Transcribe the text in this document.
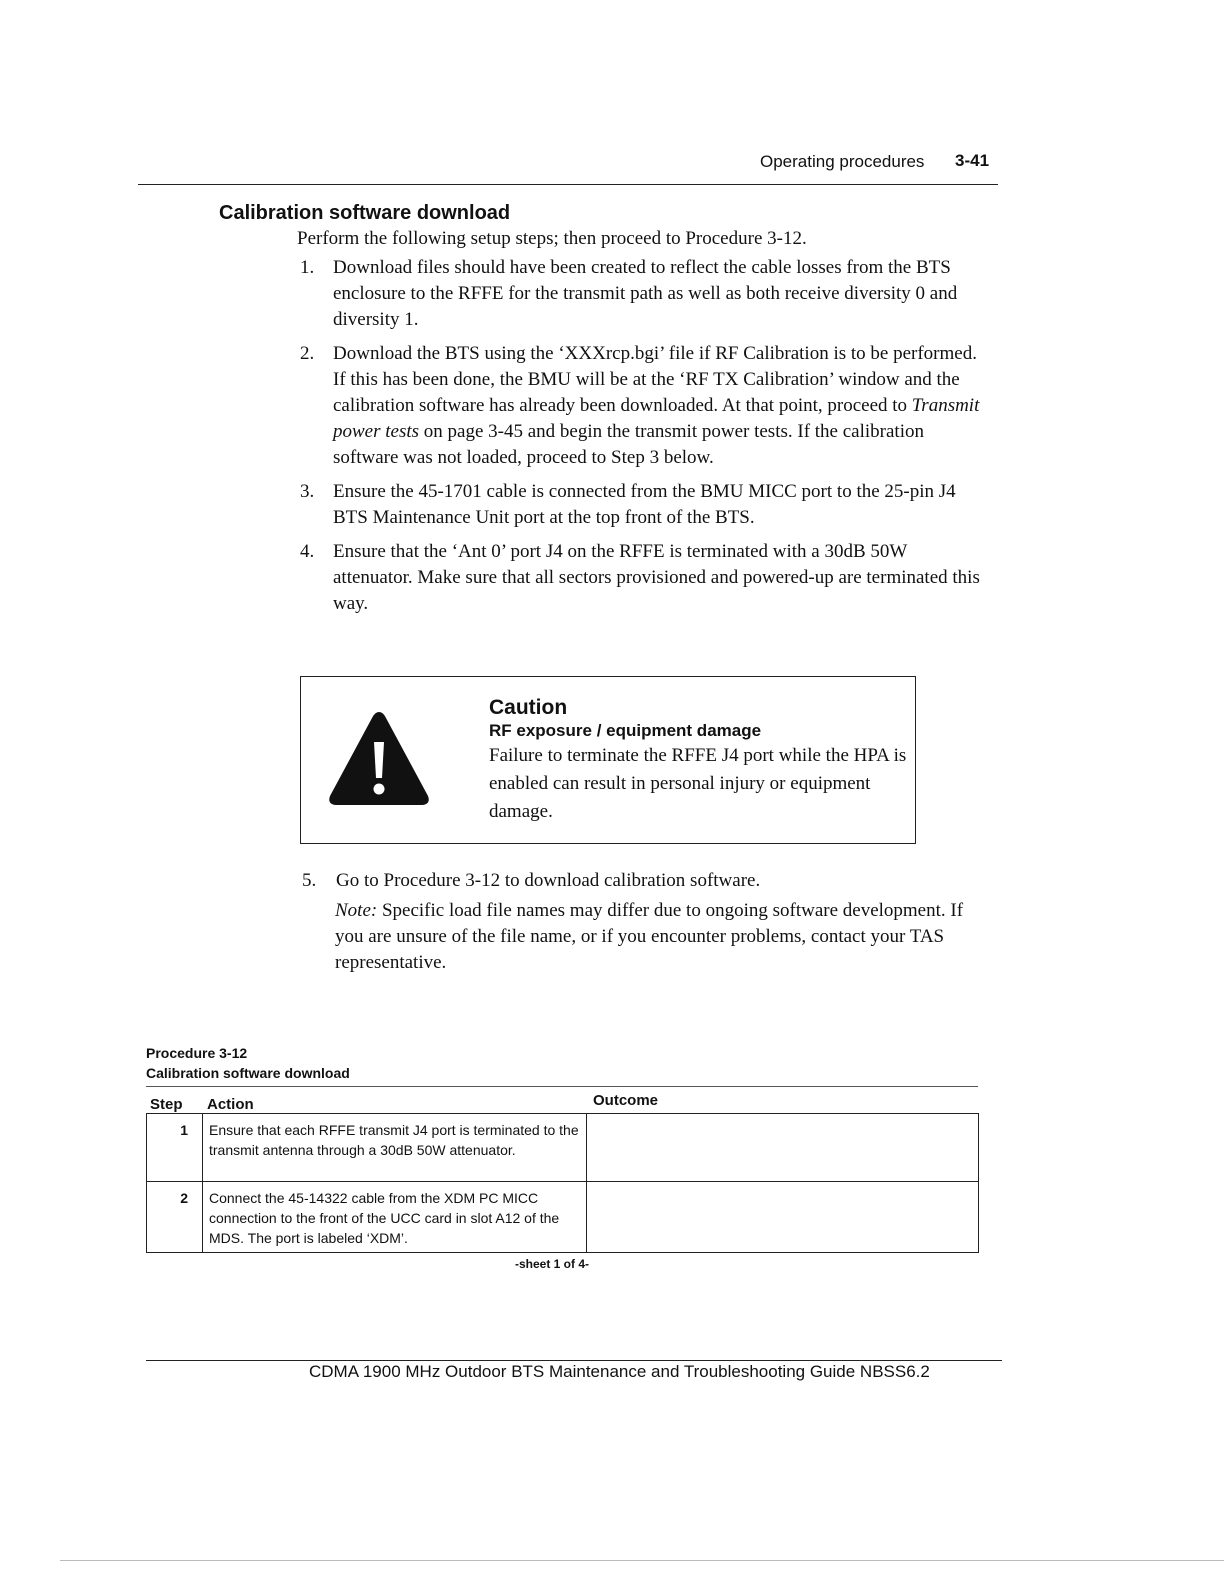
Operating procedures 3-41
Calibration software download
Perform the following setup steps; then proceed to Procedure 3-12.
1. Download files should have been created to reflect the cable losses from the BTS enclosure to the RFFE for the transmit path as well as both receive diversity 0 and diversity 1.
2. Download the BTS using the ‘XXXrcp.bgi’ file if RF Calibration is to be performed. If this has been done, the BMU will be at the ‘RF TX Calibration’ window and the calibration software has already been downloaded. At that point, proceed to Transmit power tests on page 3-45 and begin the transmit power tests. If the calibration software was not loaded, proceed to Step 3 below.
3. Ensure the 45-1701 cable is connected from the BMU MICC port to the 25-pin J4 BTS Maintenance Unit port at the top front of the BTS.
4. Ensure that the ‘Ant 0’ port J4 on the RFFE is terminated with a 30dB 50W attenuator. Make sure that all sectors provisioned and powered-up are terminated this way.
Caution
RF exposure / equipment damage
Failure to terminate the RFFE J4 port while the HPA is enabled can result in personal injury or equipment damage.
5. Go to Procedure 3-12 to download calibration software.
Note: Specific load file names may differ due to ongoing software development. If you are unsure of the file name, or if you encounter problems, contact your TAS representative.
Procedure 3-12
Calibration software download
Step Action	Outcome
1	Ensure that each RFFE transmit J4 port is terminated to the transmit antenna through a 30dB 50W attenuator.	
2	Connect the 45-14322 cable from the XDM PC MICC connection to the front of the UCC card in slot A12 of the MDS. The port is labeled ‘XDM’.	
-sheet 1 of 4-
CDMA 1900 MHz Outdoor BTS Maintenance and Troubleshooting Guide NBSS6.2
